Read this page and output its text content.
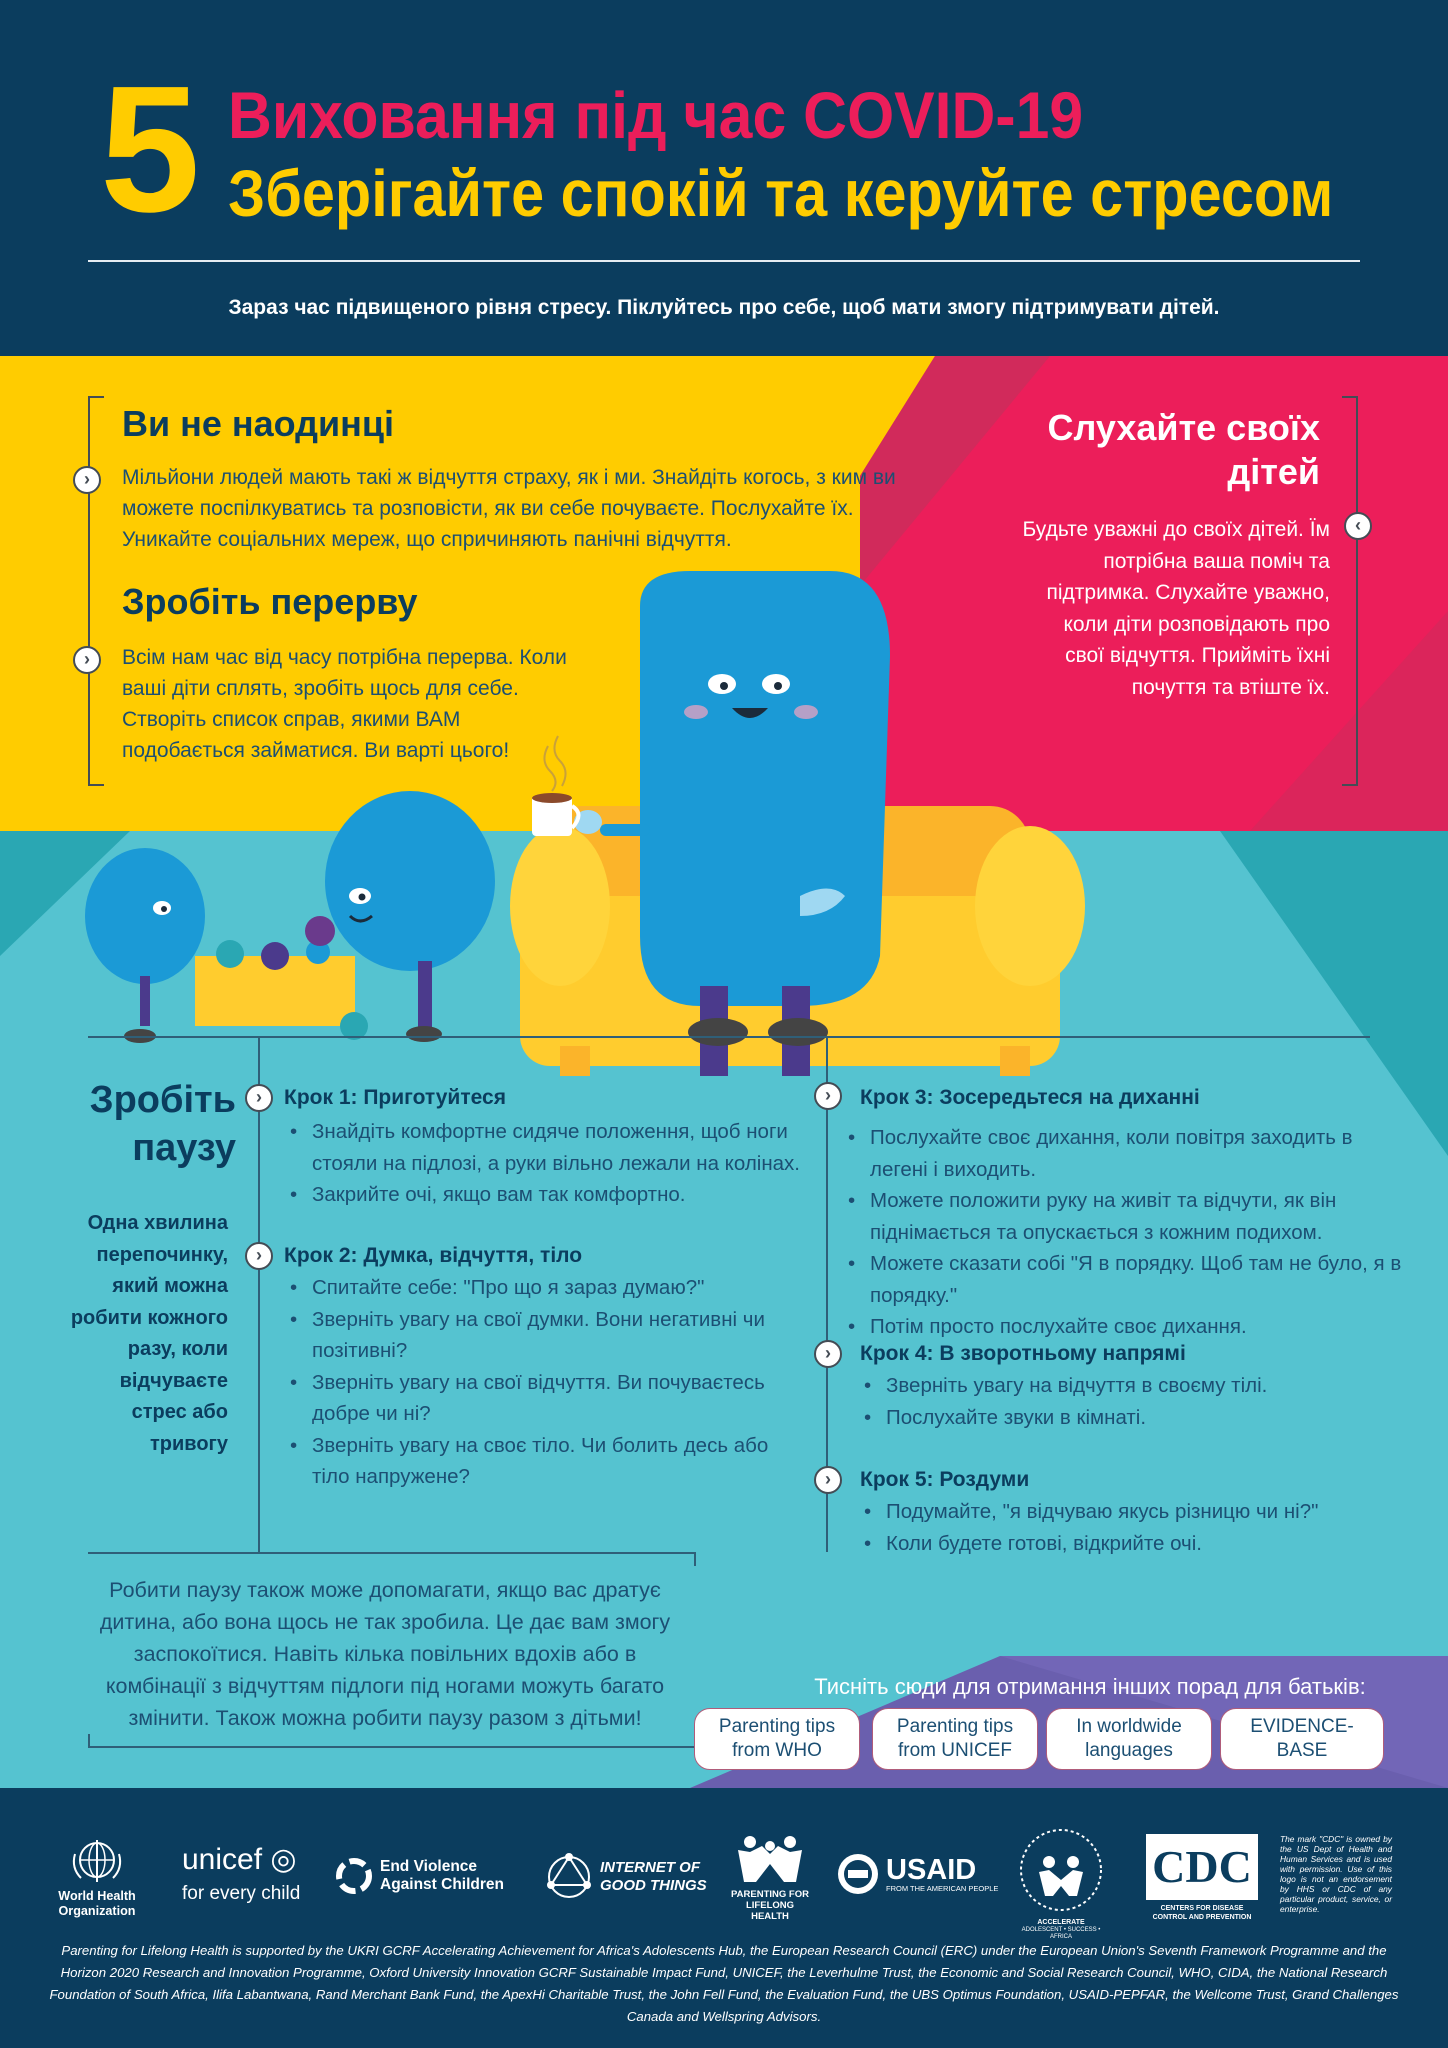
5 Виховання під час COVID-19
Зберігайте спокій та керуйте стресом
Зараз час підвищеного рівня стресу. Піклуйтесь про себе, щоб мати змогу підтримувати дітей.
Ви не наодинці
›	Мільйони людей мають такі ж відчуття страху, як і ми. Знайдіть когось, з ким ви можете поспілкуватись та розповісти, як ви себе почуваєте. Послухайте їх. Уникайте соціальних мереж, що спричиняють панічні відчуття.
Зробіть перерву
›	Всім нам час від часу потрібна перерва. Коли ваші діти сплять, зробіть щось для себе. Створіть список справ, якими ВАМ подобається займатися. Ви варті цього!
Слухайте своїх дітей
‹
Будьте уважні до своїх дітей. Їм потрібна ваша поміч та підтримка. Слухайте уважно, коли діти розповідають про свої відчуття. Прийміть їхні почуття та втіште їх.
Зробіть паузу
Одна хвилина перепочинку, який можна робити кожного разу, коли відчуваєте стрес або тривогу
›	Крок 1: Приготуйтеся
• Знайдіть комфортне сидяче положення, щоб ноги стояли на підлозі, а руки вільно лежали на колінах.
• Закрийте очі, якщо вам так комфортно.
›	Крок 2: Думка, відчуття, тіло
• Спитайте себе: "Про що я зараз думаю?"
• Зверніть увагу на свої думки. Вони негативні чи позітивні?
• Зверніть увагу на свої відчуття. Ви почуваєтесь добре чи ні?
• Зверніть увагу на своє тіло. Чи болить десь або тіло напружене?
›	Крок 3: Зосередьтеся на диханні
• Послухайте своє дихання, коли повітря заходить в легені і виходить.
• Можете положити руку на живіт та відчути, як він піднімається та опускається з кожним подихом.
• Можете сказати собі "Я в порядку. Щоб там не було, я в порядку."
• Потім просто послухайте своє дихання.
›	Крок 4: В зворотньому напрямі
• Зверніть увагу на відчуття в своєму тілі.
• Послухайте звуки в кімнаті.
›	Крок 5: Роздуми
• Подумайте, "я відчуваю якусь різницю чи ні?"
• Коли будете готові, відкрийте очі.
Робити паузу також може допомагати, якщо вас дратує дитина, або вона щось не так зробила. Це дає вам змогу заспокоїтися. Навіть кілька повільних вдохів або в комбінації з відчуттям підлоги під ногами можуть багато змінити. Також можна робити паузу разом з дітьми!
Тисніть сюди для отримання інших порад для батьків:
Parenting tips
from WHO
Parenting tips
from UNICEF
In worldwide
languages
EVIDENCE-BASE
World Health
Organization
unicef ◎
for every child
End Violence
Against Children
INTERNET OF
GOOD THINGS
PARENTING FOR
LIFELONG HEALTH
USAID
FROM THE AMERICAN PEOPLE
ACCELERATE
ADOLESCENT • SUCCESS • AFRICA
CDC
CENTERS FOR DISEASE
CONTROL AND PREVENTION
The mark "CDC" is owned by the US Dept of Health and Human Services and is used with permission. Use of this logo is not an endorsement by HHS or CDC of any particular product, service, or enterprise.
Parenting for Lifelong Health is supported by the UKRI GCRF Accelerating Achievement for Africa's Adolescents Hub, the European Research Council (ERC) under the European Union's Seventh Framework Programme and the Horizon 2020 Research and Innovation Programme, Oxford University Innovation GCRF Sustainable Impact Fund, UNICEF, the Leverhulme Trust, the Economic and Social Research Council, WHO, CIDA, the National Research Foundation of South Africa, Ilifa Labantwana, Rand Merchant Bank Fund, the ApexHi Charitable Trust, the John Fell Fund, the Evaluation Fund, the UBS Optimus Foundation, USAID-PEPFAR, the Wellcome Trust, Grand Challenges Canada and Wellspring Advisors.
